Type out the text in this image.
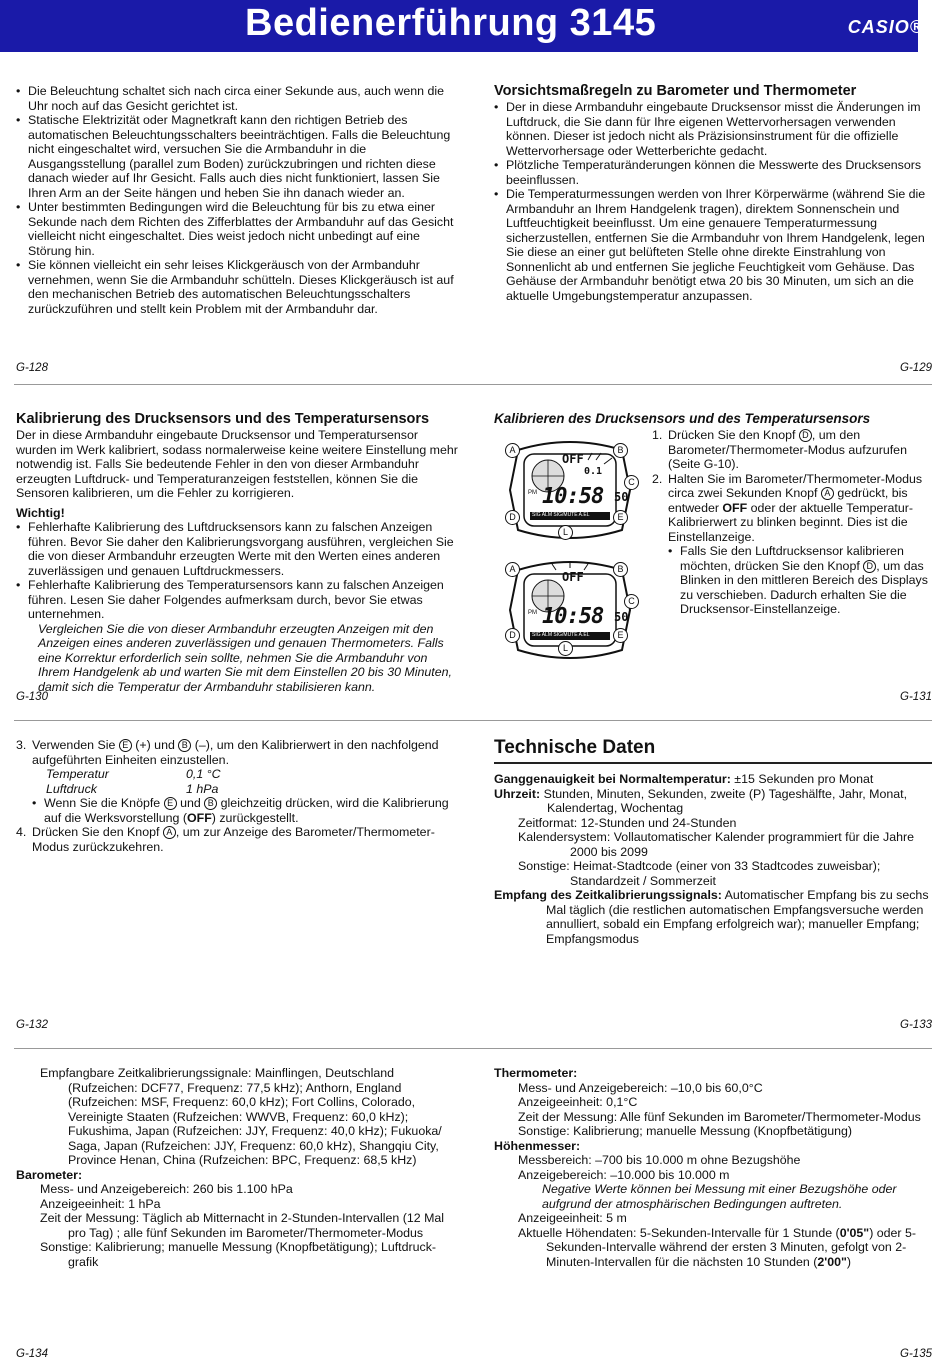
Bedienerführung 3145	CASIO®

• Die Beleuchtung schaltet sich nach circa einer Sekunde aus, auch wenn die Uhr noch auf das Gesicht gerichtet ist.

• Statische Elektrizität oder Magnetkraft kann den richtigen Betrieb des automatischen Beleuchtungsschalters beeinträchtigen. Falls die Beleuchtung nicht eingeschaltet wird, versuchen Sie die Armbanduhr in die Ausgangsstellung (parallel zum Boden) zurückzubringen und richten diese danach wieder auf Ihr Gesicht. Falls auch dies nicht funktioniert, lassen Sie Ihren Arm an der Seite hängen und heben Sie ihn danach wieder an.

• Unter bestimmten Bedingungen wird die Beleuchtung für bis zu etwa einer Sekunde nach dem Richten des Zifferblattes der Armbanduhr auf das Gesicht vielleicht nicht eingeschaltet. Dies weist jedoch nicht unbedingt auf eine Störung hin.

• Sie können vielleicht ein sehr leises Klickgeräusch von der Armbanduhr vernehmen, wenn Sie die Armbanduhr schütteln. Dieses Klickgeräusch ist auf den mechanischen Betrieb des automatischen Beleuchtungsschalters zurückzuführen und stellt kein Problem mit der Armbanduhr dar.

G-128

Vorsichtsmaßregeln zu Barometer und Thermometer

• Der in diese Armbanduhr eingebaute Drucksensor misst die Änderungen im Luftdruck, die Sie dann für Ihre eigenen Wettervorhersagen verwenden können. Dieser ist jedoch nicht als Präzisionsinstrument für die offizielle Wettervorhersage oder Wetterberichte gedacht.

• Plötzliche Temperaturänderungen können die Messwerte des Drucksensors beeinflussen.

• Die Temperaturmessungen werden von Ihrer Körperwärme (während Sie die Armbanduhr an Ihrem Handgelenk tragen), direktem Sonnenschein und Luftfeuchtigkeit beeinflusst. Um eine genauere Temperaturmessung sicherzustellen, entfernen Sie die Armbanduhr von Ihrem Handgelenk, legen Sie diese an einer gut belüfteten Stelle ohne direkte Einstrahlung von Sonnenlicht ab und entfernen Sie jegliche Feuchtigkeit vom Gehäuse. Das Gehäuse der Armbanduhr benötigt etwa 20 bis 30 Minuten, um sich an die aktuelle Umgebungstemperatur anzupassen.

G-129

Kalibrierung des Drucksensors und des Temperatursensors

Der in diese Armbanduhr eingebaute Drucksensor und Temperatursensor wurden im Werk kalibriert, sodass normalerweise keine weitere Einstellung mehr notwendig ist. Falls Sie bedeutende Fehler in den von dieser Armbanduhr erzeugten Luftdruck- und Temperaturanzeigen feststellen, können Sie die Sensoren kalibrieren, um die Fehler zu korrigieren.

Wichtig!

• Fehlerhafte Kalibrierung des Luftdrucksensors kann zu falschen Anzeigen führen. Bevor Sie daher den Kalibrierungsvorgang ausführen, vergleichen Sie die von dieser Armbanduhr erzeugten Werte mit den Werten eines anderen zuverlässigen und genauen Luftdruckmessers.

• Fehlerhafte Kalibrierung des Temperatursensors kann zu falschen Anzeigen führen. Lesen Sie daher Folgendes aufmerksam durch, bevor Sie etwas unternehmen.

Vergleichen Sie die von dieser Armbanduhr erzeugten Anzeigen mit den Anzeigen eines anderen zuverlässigen und genauen Thermometers. Falls eine Korrektur erforderlich sein sollte, nehmen Sie die Armbanduhr von Ihrem Handgelenk ab und warten Sie mit dem Einstellen 20 bis 30 Minuten, damit sich die Temperatur der Armbanduhr stabilisieren kann.

G-130

Kalibrieren des Drucksensors und des Temperatursensors

OFF
0.1
10:58 50
PM
SIG ALM SIG/MUTE A.EL
A	B
C
D	E
L
OFF
10:58 50
PM
SIG ALM SIG/MUTE A.EL
A	B
C
D	E
L

1. Drücken Sie den Knopf D , um den Barometer/Thermometer-Modus aufzurufen (Seite G-10).

2. Halten Sie im Barometer/Thermometer-Modus circa zwei Sekunden Knopf A gedrückt, bis entweder OFF oder der aktuelle Temperatur-Kalibrierwert zu blinken beginnt. Dies ist die Einstellanzeige.

• Falls Sie den Luftdrucksensor kalibrieren möchten, drücken Sie den Knopf D , um das Blinken in den mittleren Bereich des Displays zu verschieben. Dadurch erhalten Sie die Drucksensor-Einstellanzeige.

G-131

3. Verwenden Sie E (+) und B (–), um den Kalibrierwert in den nachfolgend aufgeführten Einheiten einzustellen.

Temperatur	0,1 °C
Luftdruck	1 hPa

• Wenn Sie die Knöpfe E und B gleichzeitig drücken, wird die Kalibrierung auf die Werksvorstellung (OFF) zurückgestellt.

4. Drücken Sie den Knopf A , um zur Anzeige des Barometer/Thermometer-Modus zurückzukehren.

G-132

Technische Daten

Ganggenauigkeit bei Normaltemperatur: ±15 Sekunden pro Monat

Uhrzeit: Stunden, Minuten, Sekunden, zweite (P) Tageshälfte, Jahr, Monat, Kalendertag, Wochentag

Zeitformat: 12-Stunden und 24-Stunden

Kalendersystem: Vollautomatischer Kalender programmiert für die Jahre 2000 bis 2099

Sonstige: Heimat-Stadtcode (einer von 33 Stadtcodes zuweisbar); Standardzeit / Sommerzeit

Empfang des Zeitkalibrierungssignals: Automatischer Empfang bis zu sechs Mal täglich (die restlichen automatischen Empfangsversuche werden annulliert, sobald ein Empfang erfolgreich war); manueller Empfang; Empfangsmodus

G-133

Empfangbare Zeitkalibrierungssignale: Mainflingen, Deutschland (Rufzeichen: DCF77, Frequenz: 77,5 kHz); Anthorn, England (Rufzeichen: MSF, Frequenz: 60,0 kHz); Fort Collins, Colorado, Vereinigte Staaten (Rufzeichen: WWVB, Frequenz: 60,0 kHz); Fukushima, Japan (Rufzeichen: JJY, Frequenz: 40,0 kHz); Fukuoka/ Saga, Japan (Rufzeichen: JJY, Frequenz: 60,0 kHz), Shangqiu City, Province Henan, China (Rufzeichen: BPC, Frequenz: 68,5 kHz)

Barometer:

Mess- und Anzeigebereich: 260 bis 1.100 hPa

Anzeigeeinheit: 1 hPa

Zeit der Messung: Täglich ab Mitternacht in 2-Stunden-Intervallen (12 Mal pro Tag) ; alle fünf Sekunden im Barometer/Thermometer-Modus

Sonstige: Kalibrierung; manuelle Messung (Knopfbetätigung); Luftdruck-grafik

G-134

Thermometer:

Mess- und Anzeigebereich: –10,0 bis 60,0°C

Anzeigeeinheit: 0,1°C

Zeit der Messung: Alle fünf Sekunden im Barometer/Thermometer-Modus

Sonstige: Kalibrierung; manuelle Messung (Knopfbetätigung)

Höhenmesser:

Messbereich: –700 bis 10.000 m ohne Bezugshöhe

Anzeigebereich: –10.000 bis 10.000 m

Negative Werte können bei Messung mit einer Bezugshöhe oder aufgrund der atmosphärischen Bedingungen auftreten.

Anzeigeeinheit: 5 m

Aktuelle Höhendaten: 5-Sekunden-Intervalle für 1 Stunde (0'05") oder 5-Sekunden-Intervalle während der ersten 3 Minuten, gefolgt von 2-Minuten-Intervallen für die nächsten 10 Stunden (2'00")

G-135
